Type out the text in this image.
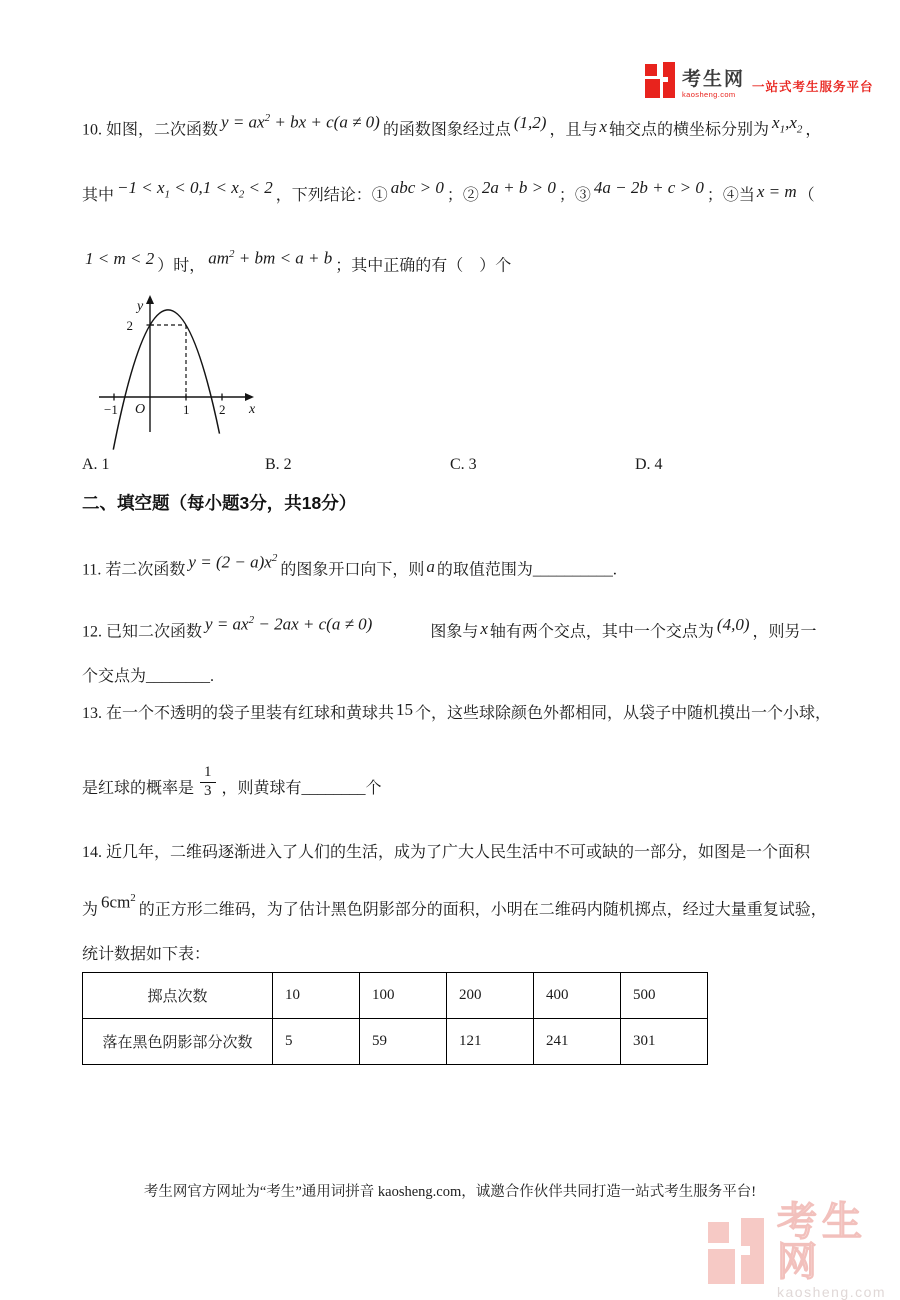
考生网
kaosheng.com	一站式考生服务平台
10. 如图，二次函数 $y = ax^2$ + bx + c(a ≠ 0) 的函数图象经过点 (1,2) ，且与 x 轴交点的横坐标分别为 $x_1,x_2$ ，
其中 $-1 < x_1 < 0,1 < x_2 < 2$ ，下列结论：① abc > 0 ；② 2a + b > 0 ；③ 4a − 2b + c > 0 ；④当 x = m （
1 < m < 2 ）时， $am^2$ + bm < a + b ；其中正确的有（　）个
y
2
−1 O	1 2 x
A. 1	B. 2	C. 3	D. 4
二、填空题（每小题3分，共18分）
11. 若二次函数 $y = (2 - a)x^2$的图象开口向下，则 a 的取值范围为__________.
12. 已知二次函数 $y = ax^2 - 2ax + c(a \ne 0)$	图象与 x 轴有两个交点，其中一个交点为 (4,0) ，则另一
个交点为________.
13. 在一个不透明的袋子里装有红球和黄球共 15 个，这些球除颜色外都相同，从袋子中随机摸出一个小球，
是红球的概率是 $\frac{1}{3}$ ，则黄球有________个
14. 近几年，二维码逐渐进入了人们的生活，成为了广大人民生活中不可或缺的一部分，如图是一个面积
为 $6cm^2$的正方形二维码，为了估计黑色阴影部分的面积，小明在二维码内随机掷点，经过大量重复试验，
统计数据如下表：
掷点次数	10	100	200	400	500
落在黑色阴影部分次数	5	59	121	241	301
考生网官方网址为“考生”通用词拼音 kaosheng.com，诚邀合作伙伴共同打造一站式考生服务平台!
考生网
kaosheng.com
